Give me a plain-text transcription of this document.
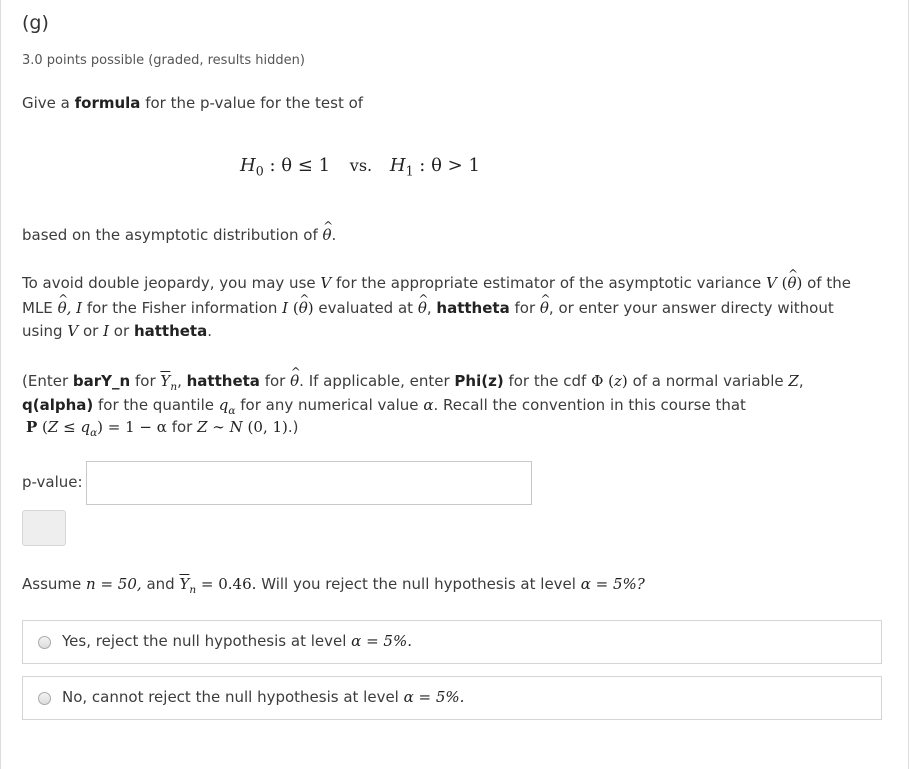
(g)
3.0 points possible (graded, results hidden)
Give a formula for the p-value for the test of
$H_0$ : θ ≤ 1 vs. $H_1$ : θ > 1
based on the asymptotic distribution of ^ θ.
To avoid double jeopardy, you may use V for the appropriate estimator of the asymptotic variance V (^ θ) of the
MLE ^ θ, I for the Fisher information I (^ θ) evaluated at ^ θ, hattheta for ^ θ, or enter your answer directy without
using V or I or hattheta.
(Enter barY_n for $\overline{Y}_n$, hattheta for ^ θ. If applicable, enter Phi(z) for the cdf Φ (z) of a normal variable Z,
q(alpha) for the quantile $q_\alpha$ for any numerical value α. Recall the convention in this course that
P $(Z \le q_\alpha) = 1 - \alpha$ for Z ∼ N (0, 1).)
p-value:
Assume n = 50, and $\overline{Y}_n = 0.46$. Will you reject the null hypothesis at level α = 5%?
Yes, reject the null hypothesis at level α = 5%.
No, cannot reject the null hypothesis at level α = 5%.
